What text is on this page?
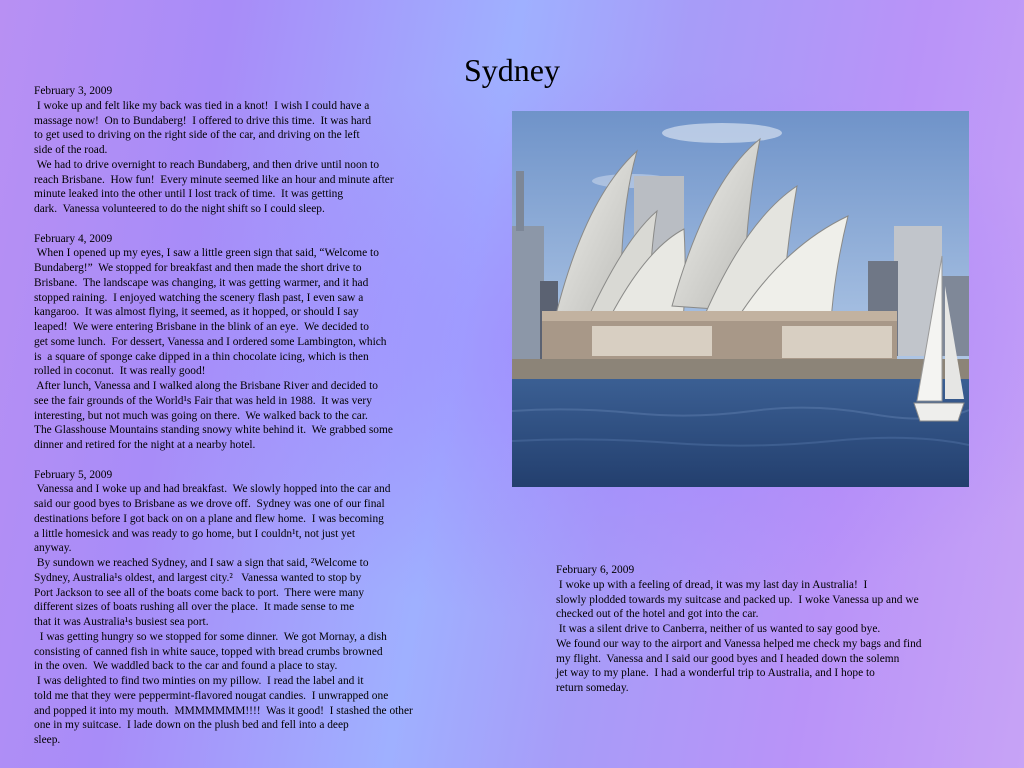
Sydney
February 3, 2009
I woke up and felt like my back was tied in a knot!  I wish I could have a
massage now!  On to Bundaberg!  I offered to drive this time.  It was hard
to get used to driving on the right side of the car, and driving on the left
side of the road.
We had to drive overnight to reach Bundaberg, and then drive until noon to
reach Brisbane.  How fun!  Every minute seemed like an hour and minute after
minute leaked into the other until I lost track of time.  It was getting
dark.  Vanessa volunteered to do the night shift so I could sleep.
February 4, 2009
When I opened up my eyes, I saw a little green sign that said, “Welcome to
Bundaberg!”  We stopped for breakfast and then made the short drive to
Brisbane.  The landscape was changing, it was getting warmer, and it had
stopped raining.  I enjoyed watching the scenery flash past, I even saw a
kangaroo.  It was almost flying, it seemed, as it hopped, or should I say
leaped!  We were entering Brisbane in the blink of an eye.  We decided to
get some lunch.  For dessert, Vanessa and I ordered some Lambington, which
is  a square of sponge cake dipped in a thin chocolate icing, which is then
rolled in coconut.  It was really good!
After lunch, Vanessa and I walked along the Brisbane River and decided to
see the fair grounds of the World¹s Fair that was held in 1988.  It was very
interesting, but not much was going on there.  We walked back to the car.
The Glasshouse Mountains standing snowy white behind it.  We grabbed some
dinner and retired for the night at a nearby hotel.
February 5, 2009
Vanessa and I woke up and had breakfast.  We slowly hopped into the car and
said our good byes to Brisbane as we drove off.  Sydney was one of our final
destinations before I got back on on a plane and flew home.  I was becoming
a little homesick and was ready to go home, but I couldn¹t, not just yet
anyway.
By sundown we reached Sydney, and I saw a sign that said, ²Welcome to
Sydney, Australia¹s oldest, and largest city.²   Vanessa wanted to stop by
Port Jackson to see all of the boats come back to port.  There were many
different sizes of boats rushing all over the place.  It made sense to me
that it was Australia¹s busiest sea port.
I was getting hungry so we stopped for some dinner.  We got Mornay, a dish
consisting of canned fish in white sauce, topped with bread crumbs browned
in the oven.  We waddled back to the car and found a place to stay.
I was delighted to find two minties on my pillow.  I read the label and it
told me that they were peppermint-flavored nougat candies.  I unwrapped one
and popped it into my mouth.  MMMMMMM!!!!  Was it good!  I stashed the other
one in my suitcase.  I lade down on the plush bed and fell into a deep
sleep.
February 6, 2009
I woke up with a feeling of dread, it was my last day in Australia!  I
slowly plodded towards my suitcase and packed up.  I woke Vanessa up and we
checked out of the hotel and got into the car.
It was a silent drive to Canberra, neither of us wanted to say good bye.
We found our way to the airport and Vanessa helped me check my bags and find
my flight.  Vanessa and I said our good byes and I headed down the solemn
jet way to my plane.  I had a wonderful trip to Australia, and I hope to
return someday.
